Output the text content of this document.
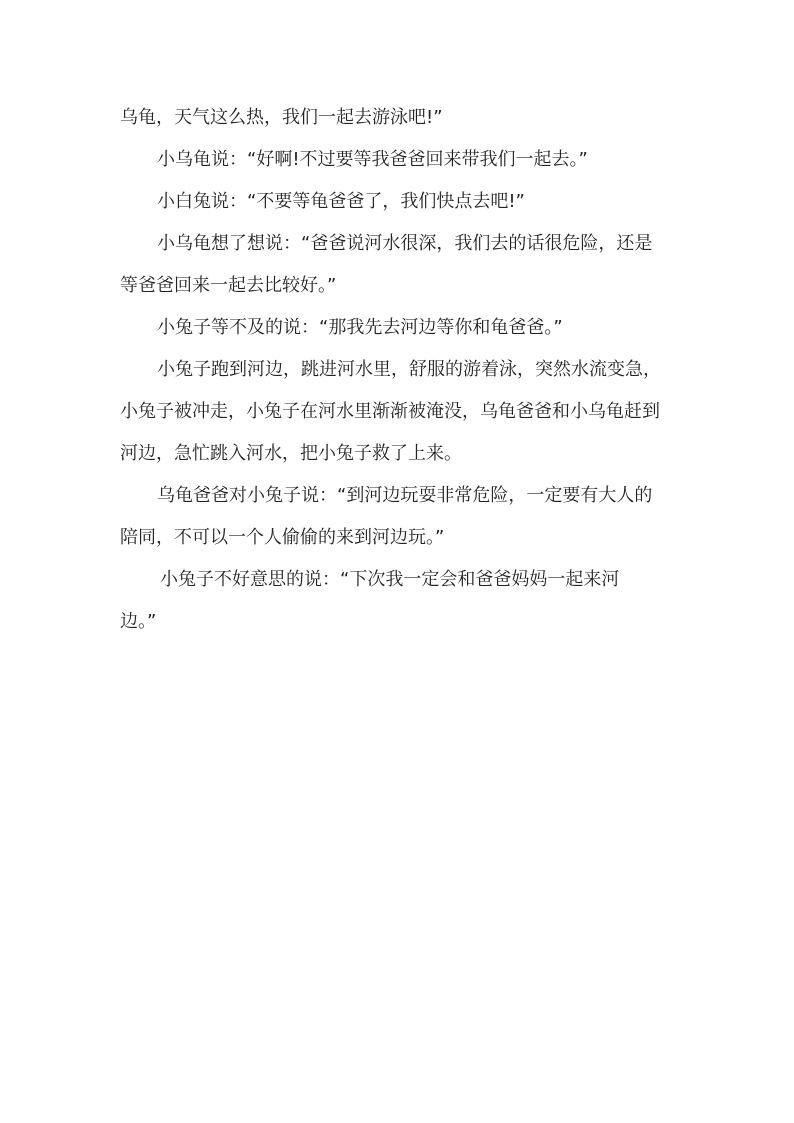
乌龟，天气这么热，我们一起去游泳吧!”
小乌龟说：“好啊!不过要等我爸爸回来带我们一起去。”
小白兔说：“不要等龟爸爸了，我们快点去吧!”
小乌龟想了想说：“爸爸说河水很深，我们去的话很危险，还是
等爸爸回来一起去比较好。”
小兔子等不及的说：“那我先去河边等你和龟爸爸。”
小兔子跑到河边，跳进河水里，舒服的游着泳，突然水流变急，
小兔子被冲走，小兔子在河水里渐渐被淹没，乌龟爸爸和小乌龟赶到
河边，急忙跳入河水，把小兔子救了上来。
乌龟爸爸对小兔子说：“到河边玩耍非常危险，一定要有大人的
陪同，不可以一个人偷偷的来到河边玩。”
小兔子不好意思的说：“下次我一定会和爸爸妈妈一起来河
边。”
